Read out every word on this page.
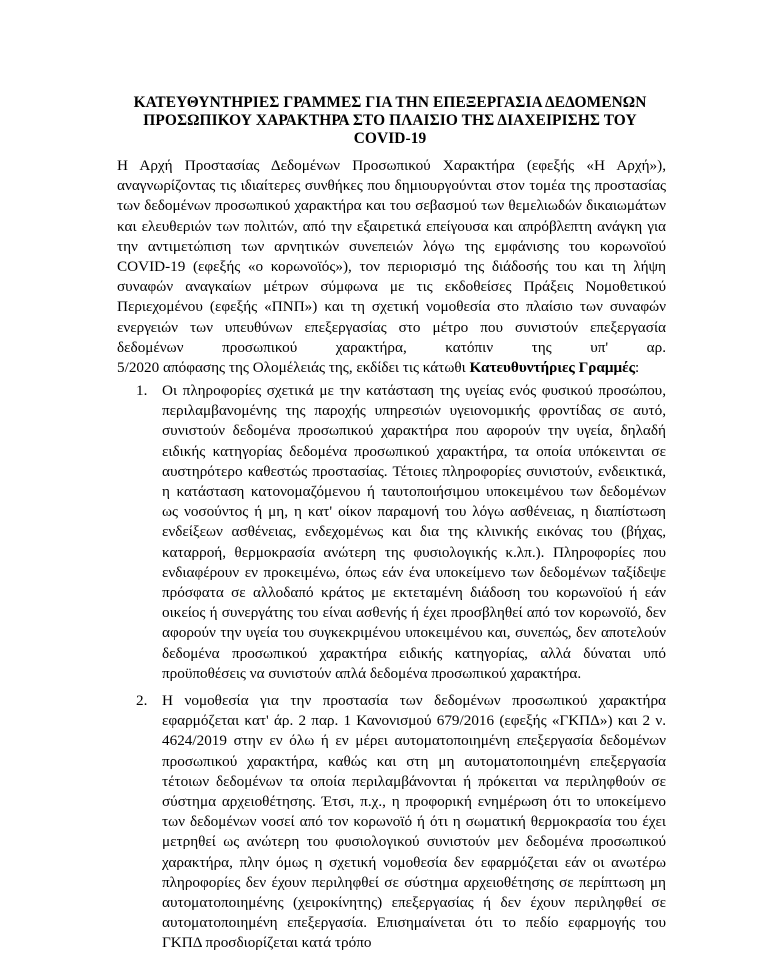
ΚΑΤΕΥΘΥΝΤΗΡΙΕΣ ΓΡΑΜΜΕΣ ΓΙΑ ΤΗΝ ΕΠΕΞΕΡΓΑΣΙΑ ΔΕΔΟΜΕΝΩΝ
ΠΡΟΣΩΠΙΚΟΥ ΧΑΡΑΚΤΗΡΑ ΣΤΟ ΠΛΑΙΣΙΟ ΤΗΣ ΔΙΑΧΕΙΡΙΣΗΣ ΤΟΥ
COVID-19
Η Αρχή Προστασίας Δεδομένων Προσωπικού Χαρακτήρα (εφεξής «Η Αρχή»), αναγνωρίζοντας τις ιδιαίτερες συνθήκες που δημιουργούνται στον τομέα της προστασίας των δεδομένων προσωπικού χαρακτήρα και του σεβασμού των θεμελιωδών δικαιωμάτων και ελευθεριών των πολιτών, από την εξαιρετικά επείγουσα και απρόβλεπτη ανάγκη για την αντιμετώπιση των αρνητικών συνεπειών λόγω της εμφάνισης του κορωνοϊού COVID-19 (εφεξής «ο κορωνοϊός»), τον περιορισμό της διάδοσής του και τη λήψη συναφών αναγκαίων μέτρων σύμφωνα με τις εκδοθείσες Πράξεις Νομοθετικού Περιεχομένου (εφεξής «ΠΝΠ») και τη σχετική νομοθεσία στο πλαίσιο των συναφών ενεργειών των υπευθύνων επεξεργασίας στο μέτρο που συνιστούν επεξεργασία δεδομένων προσωπικού χαρακτήρα, κατόπιν της υπ' αρ.
5/2020 απόφασης της Ολομέλειάς της, εκδίδει τις κάτωθι Κατευθυντήριες Γραμμές:
1. Οι πληροφορίες σχετικά με την κατάσταση της υγείας ενός φυσικού προσώπου, περιλαμβανομένης της παροχής υπηρεσιών υγειονομικής φροντίδας σε αυτό, συνιστούν δεδομένα προσωπικού χαρακτήρα που αφορούν την υγεία, δηλαδή ειδικής κατηγορίας δεδομένα προσωπικού χαρακτήρα, τα οποία υπόκεινται σε αυστηρότερο καθεστώς προστασίας. Τέτοιες πληροφορίες συνιστούν, ενδεικτικά, η κατάσταση κατονομαζόμενου ή ταυτοποιήσιμου υποκειμένου των δεδομένων ως νοσούντος ή μη, η κατ' οίκον παραμονή του λόγω ασθένειας, η διαπίστωση ενδείξεων ασθένειας, ενδεχομένως και δια της κλινικής εικόνας του (βήχας, καταρροή, θερμοκρασία ανώτερη της φυσιολογικής κ.λπ.). Πληροφορίες που ενδιαφέρουν εν προκειμένω, όπως εάν ένα υποκείμενο των δεδομένων ταξίδεψε πρόσφατα σε αλλοδαπό κράτος με εκτεταμένη διάδοση του κορωνοϊού ή εάν οικείος ή συνεργάτης του είναι ασθενής ή έχει προσβληθεί από τον κορωνοϊό, δεν αφορούν την υγεία του συγκεκριμένου υποκειμένου και, συνεπώς, δεν αποτελούν δεδομένα προσωπικού χαρακτήρα ειδικής κατηγορίας, αλλά δύναται υπό προϋποθέσεις να συνιστούν απλά δεδομένα προσωπικού χαρακτήρα.
2. Η νομοθεσία για την προστασία των δεδομένων προσωπικού χαρακτήρα εφαρμόζεται κατ' άρ. 2 παρ. 1 Κανονισμού 679/2016 (εφεξής «ΓΚΠΔ») και 2 ν. 4624/2019 στην εν όλω ή εν μέρει αυτοματοποιημένη επεξεργασία δεδομένων προσωπικού χαρακτήρα, καθώς και στη μη αυτοματοποιημένη επεξεργασία τέτοιων δεδομένων τα οποία περιλαμβάνονται ή πρόκειται να περιληφθούν σε σύστημα αρχειοθέτησης. Έτσι, π.χ., η προφορική ενημέρωση ότι το υποκείμενο των δεδομένων νοσεί από τον κορωνοϊό ή ότι η σωματική θερμοκρασία του έχει μετρηθεί ως ανώτερη του φυσιολογικού συνιστούν μεν δεδομένα προσωπικού χαρακτήρα, πλην όμως η σχετική νομοθεσία δεν εφαρμόζεται εάν οι ανωτέρω πληροφορίες δεν έχουν περιληφθεί σε σύστημα αρχειοθέτησης σε περίπτωση μη αυτοματοποιημένης (χειροκίνητης) επεξεργασίας ή δεν έχουν περιληφθεί σε αυτοματοποιημένη επεξεργασία. Επισημαίνεται ότι το πεδίο εφαρμογής του ΓΚΠΔ προσδιορίζεται κατά τρόπο
